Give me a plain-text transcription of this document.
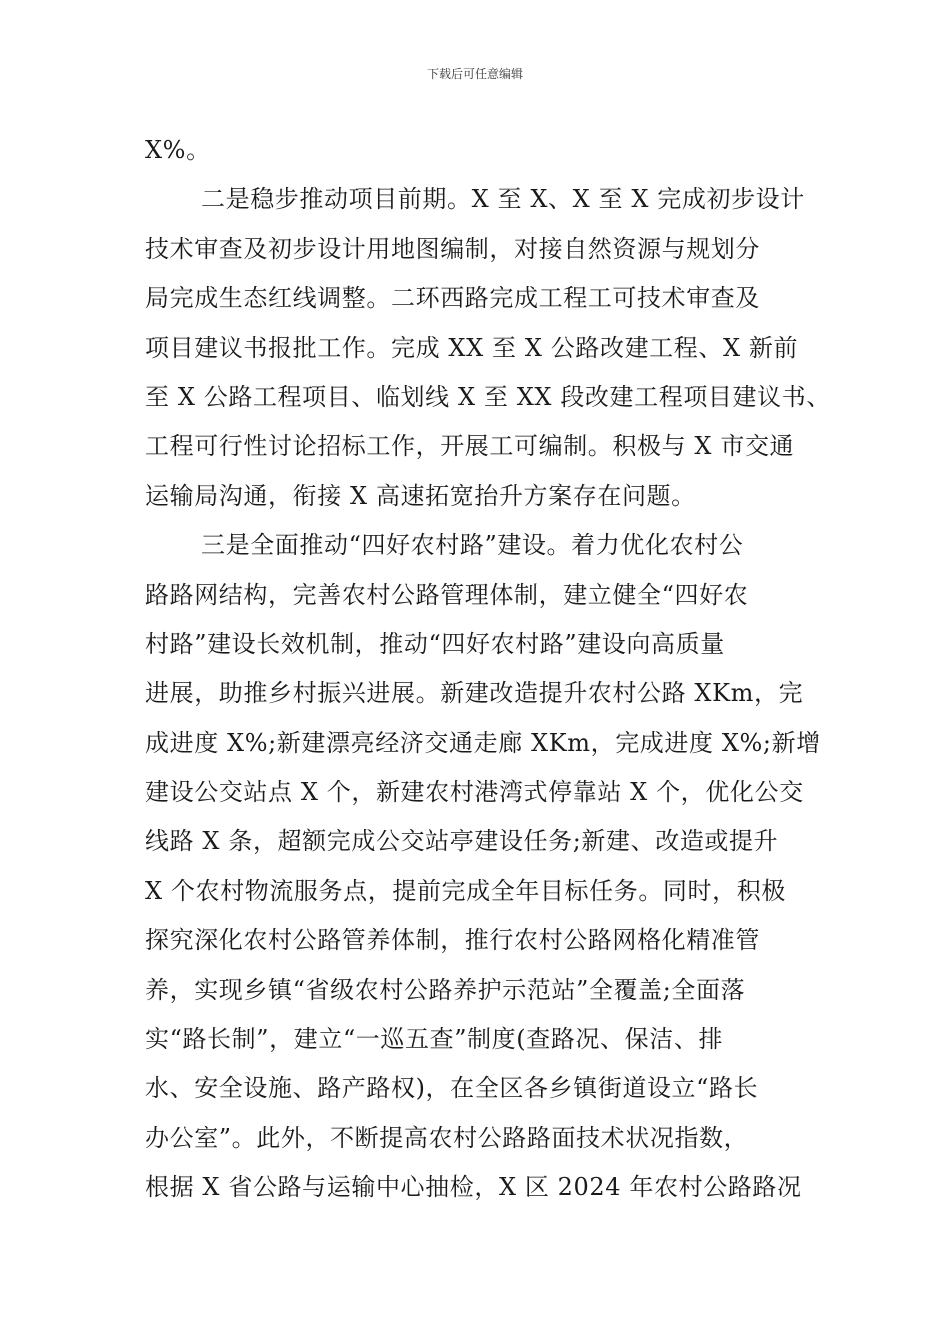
下载后可任意编辑
X%。
二是稳步推动项目前期。X 至 X、X 至 X 完成初步设计
技术审查及初步设计用地图编制，对接自然资源与规划分
局完成生态红线调整。二环西路完成工程工可技术审查及
项目建议书报批工作。完成 XX 至 X 公路改建工程、X 新前
至 X 公路工程项目、临划线 X 至 XX 段改建工程项目建议书、
工程可行性讨论招标工作，开展工可编制。积极与 X 市交通
运输局沟通，衔接 X 高速拓宽抬升方案存在问题。
三是全面推动“四好农村路”建设。着力优化农村公
路路网结构，完善农村公路管理体制，建立健全“四好农
村路”建设长效机制，推动“四好农村路”建设向高质量
进展，助推乡村振兴进展。新建改造提升农村公路 XKm，完
成进度 X%;新建漂亮经济交通走廊 XKm，完成进度 X%;新增
建设公交站点 X 个，新建农村港湾式停靠站 X 个，优化公交
线路 X 条，超额完成公交站亭建设任务;新建、改造或提升
X 个农村物流服务点，提前完成全年目标任务。同时，积极
探究深化农村公路管养体制，推行农村公路网格化精准管
养，实现乡镇“省级农村公路养护示范站”全覆盖;全面落
实“路长制”，建立“一巡五查”制度(查路况、保洁、排
水、安全设施、路产路权)，在全区各乡镇街道设立“路长
办公室”。此外，不断提高农村公路路面技术状况指数，
根据 X 省公路与运输中心抽检，X 区 2024 年农村公路路况
